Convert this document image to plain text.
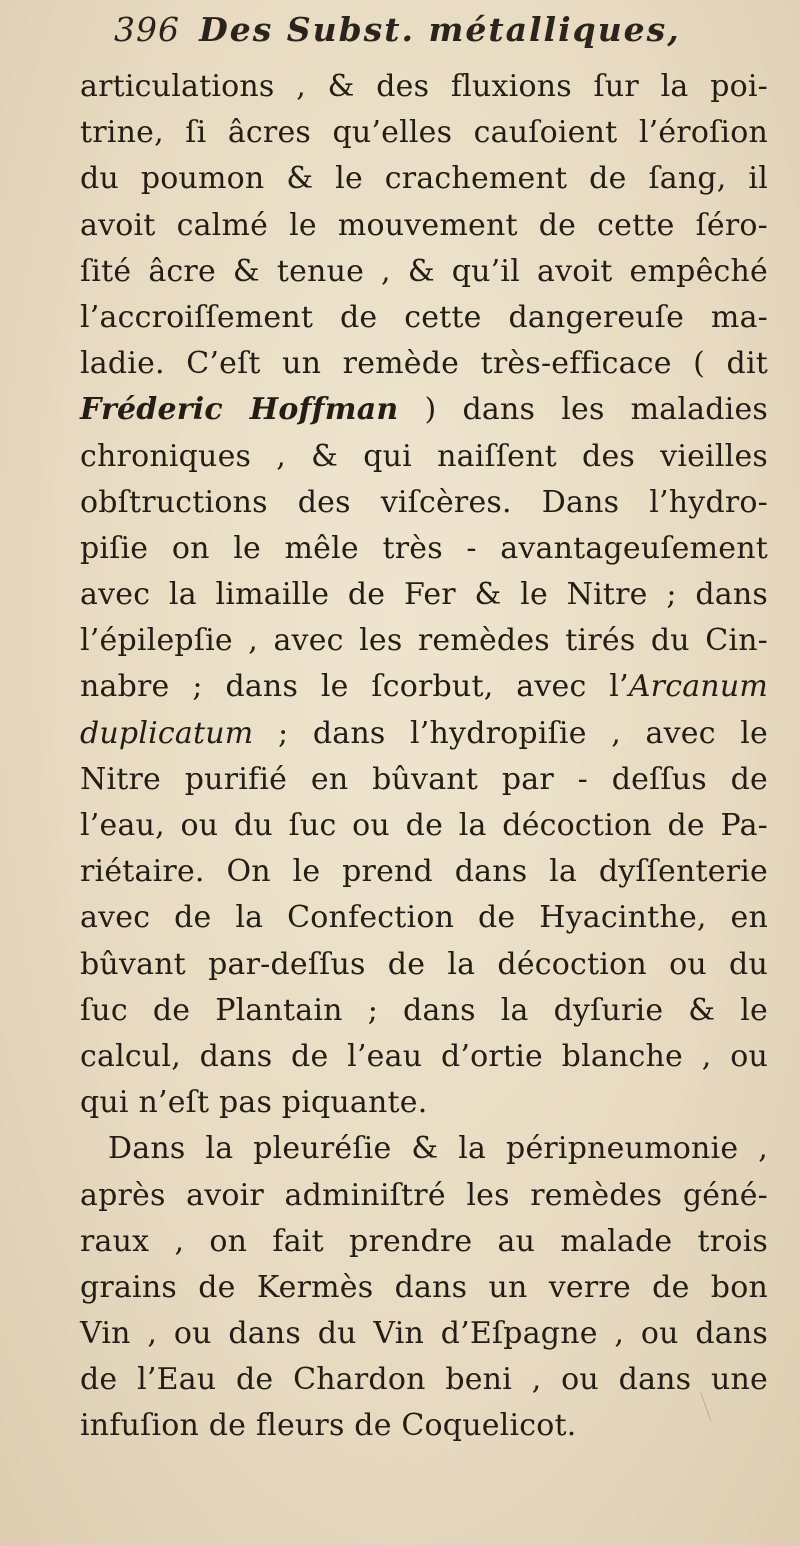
396 Des Subst. métalliques,
articulations , & des fluxions ſur la poi-
trine, ſi âcres qu’elles cauſoient l’éroſion
du poumon & le crachement de ſang, il
avoit calmé le mouvement de cette ſéro-
ſité âcre & tenue , & qu’il avoit empêché
l’accroiſſement de cette dangereuſe ma-
ladie. C’eſt un remède très-efficace ( dit
Fréderic Hoffman ) dans les maladies
chroniques , & qui naiſſent des vieilles
obſtructions des viſcères. Dans l’hydro-
piſie on le mêle très - avantageuſement
avec la limaille de Fer & le Nitre ; dans
l’épilepſie , avec les remèdes tirés du Cin-
nabre ; dans le ſcorbut, avec l’Arcanum
duplicatum ; dans l’hydropiſie , avec le
Nitre purifié en bûvant par - deſſus de
l’eau, ou du ſuc ou de la décoction de Pa-
riétaire. On le prend dans la dyſſenterie
avec de la Confection de Hyacinthe, en
bûvant par-deſſus de la décoction ou du
ſuc de Plantain ; dans la dyſurie & le
calcul, dans de l’eau d’ortie blanche , ou
qui n’eſt pas piquante.
Dans la pleuréſie & la péripneumonie ,
après avoir adminiſtré les remèdes géné-
raux , on fait prendre au malade trois
grains de Kermès dans un verre de bon
Vin , ou dans du Vin d’Eſpagne , ou dans
de l’Eau de Chardon beni , ou dans une
infuſion de fleurs de Coquelicot.
